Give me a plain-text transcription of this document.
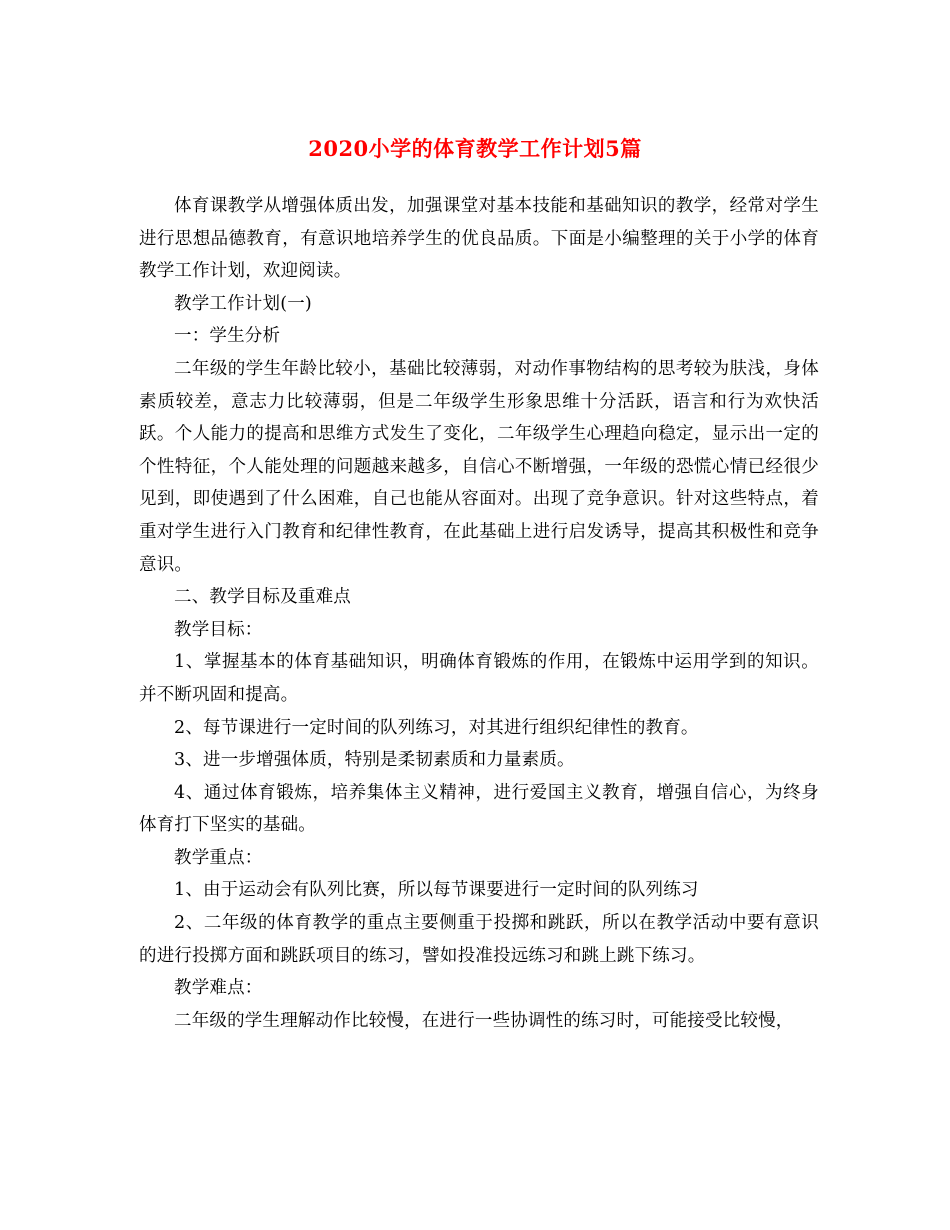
2020小学的体育教学工作计划5篇

体育课教学从增强体质出发，加强课堂对基本技能和基础知识的教学，经常对学生进行思想品德教育，有意识地培养学生的优良品质。下面是小编整理的关于小学的体育教学工作计划，欢迎阅读。

教学工作计划(一)

一：学生分析

二年级的学生年龄比较小，基础比较薄弱，对动作事物结构的思考较为肤浅，身体素质较差，意志力比较薄弱，但是二年级学生形象思维十分活跃，语言和行为欢快活跃。个人能力的提高和思维方式发生了变化，二年级学生心理趋向稳定，显示出一定的个性特征，个人能处理的问题越来越多，自信心不断增强，一年级的恐慌心情已经很少见到，即使遇到了什么困难，自己也能从容面对。出现了竞争意识。针对这些特点，着重对学生进行入门教育和纪律性教育，在此基础上进行启发诱导，提高其积极性和竞争意识。

二、教学目标及重难点

教学目标：

1、掌握基本的体育基础知识，明确体育锻炼的作用，在锻炼中运用学到的知识。并不断巩固和提高。

2、每节课进行一定时间的队列练习，对其进行组织纪律性的教育。

3、进一步增强体质，特别是柔韧素质和力量素质。

4、通过体育锻炼，培养集体主义精神，进行爱国主义教育，增强自信心，为终身体育打下坚实的基础。

教学重点：

1、由于运动会有队列比赛，所以每节课要进行一定时间的队列练习

2、二年级的体育教学的重点主要侧重于投掷和跳跃，所以在教学活动中要有意识的进行投掷方面和跳跃项目的练习，譬如投准投远练习和跳上跳下练习。

教学难点：

二年级的学生理解动作比较慢，在进行一些协调性的练习时，可能接受比较慢，
